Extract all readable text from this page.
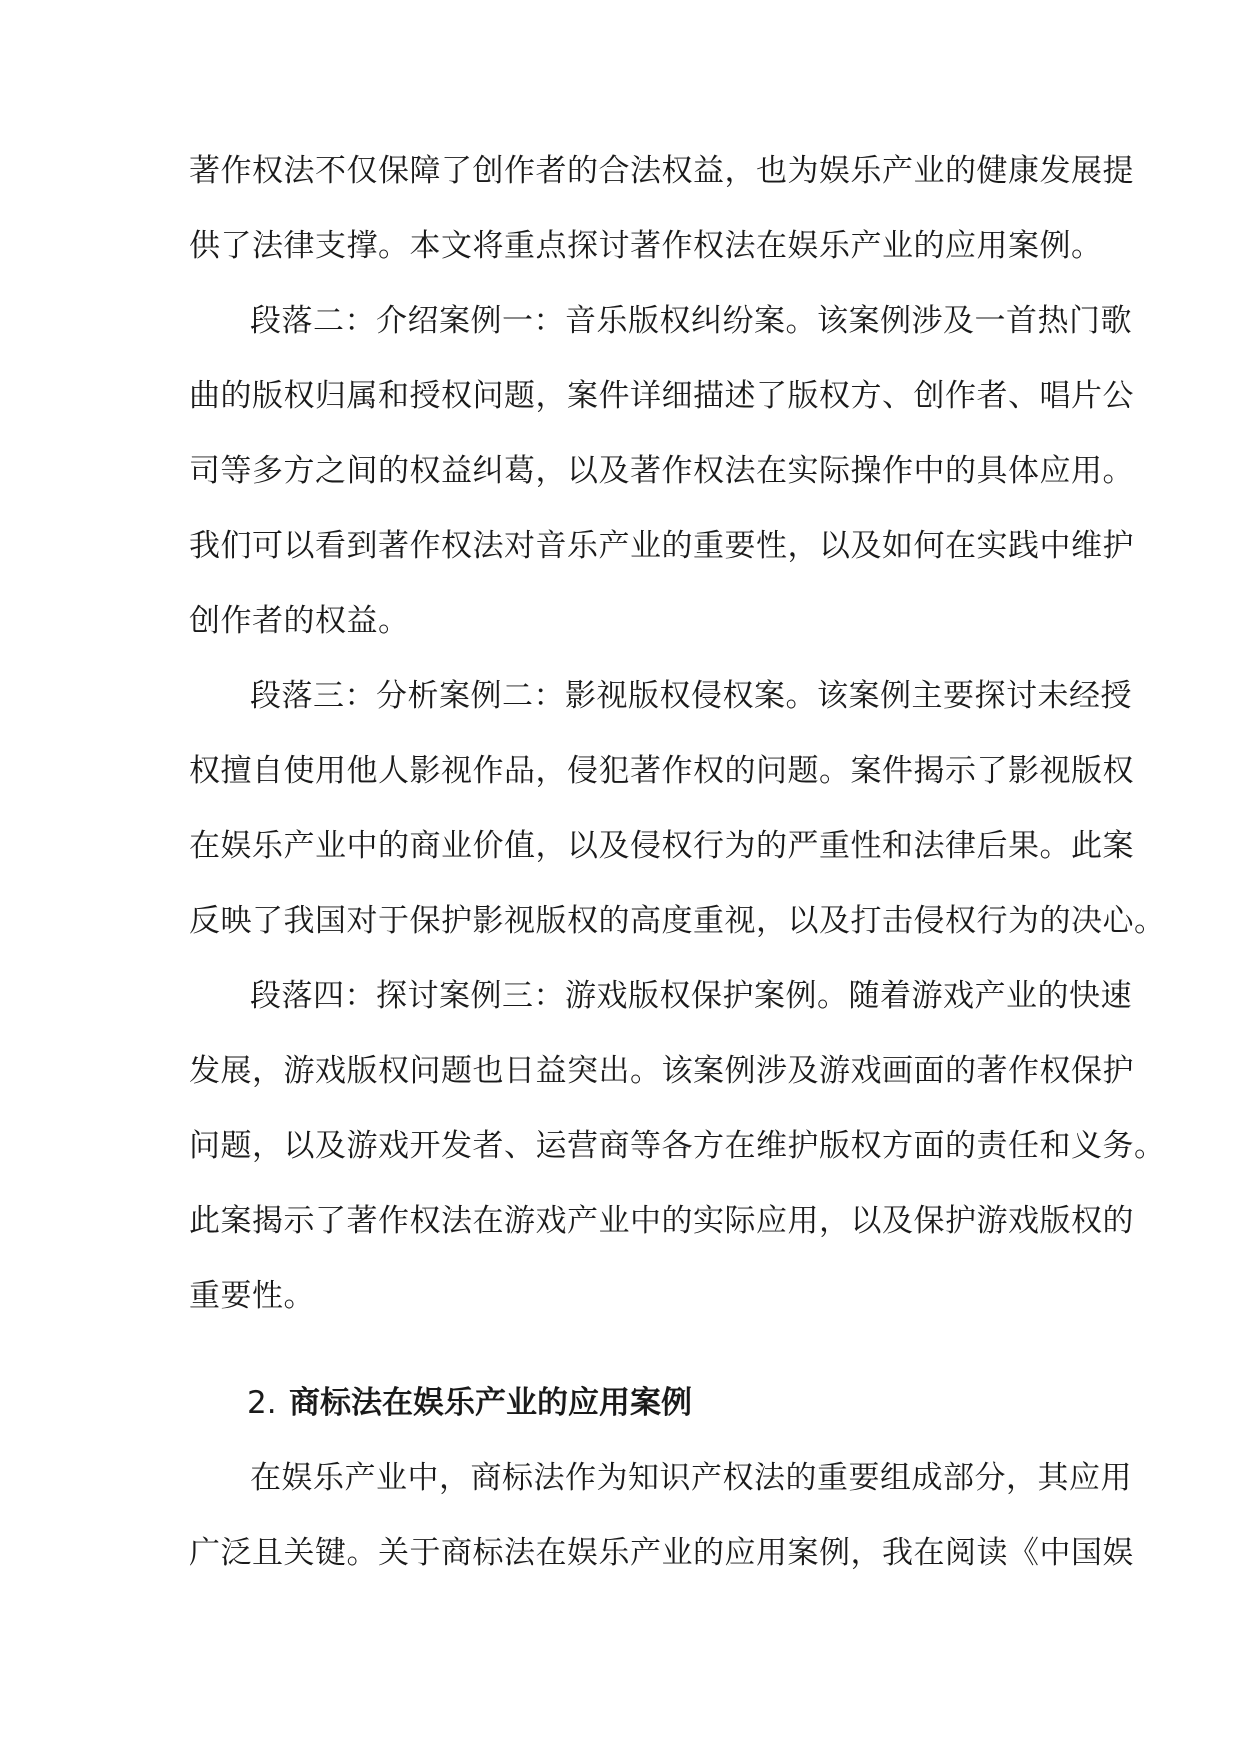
著作权法不仅保障了创作者的合法权益，也为娱乐产业的健康发展提
供了法律支撑。本文将重点探讨著作权法在娱乐产业的应用案例。
段落二：介绍案例一：音乐版权纠纷案。该案例涉及一首热门歌
曲的版权归属和授权问题，案件详细描述了版权方、创作者、唱片公
司等多方之间的权益纠葛，以及著作权法在实际操作中的具体应用。
我们可以看到著作权法对音乐产业的重要性，以及如何在实践中维护
创作者的权益。
段落三：分析案例二：影视版权侵权案。该案例主要探讨未经授
权擅自使用他人影视作品，侵犯著作权的问题。案件揭示了影视版权
在娱乐产业中的商业价值，以及侵权行为的严重性和法律后果。此案
反映了我国对于保护影视版权的高度重视，以及打击侵权行为的决心。
段落四：探讨案例三：游戏版权保护案例。随着游戏产业的快速
发展，游戏版权问题也日益突出。该案例涉及游戏画面的著作权保护
问题，以及游戏开发者、运营商等各方在维护版权方面的责任和义务。
此案揭示了著作权法在游戏产业中的实际应用，以及保护游戏版权的
重要性。
2. 商标法在娱乐产业的应用案例
在娱乐产业中，商标法作为知识产权法的重要组成部分，其应用
广泛且关键。关于商标法在娱乐产业的应用案例，我在阅读《中国娱
